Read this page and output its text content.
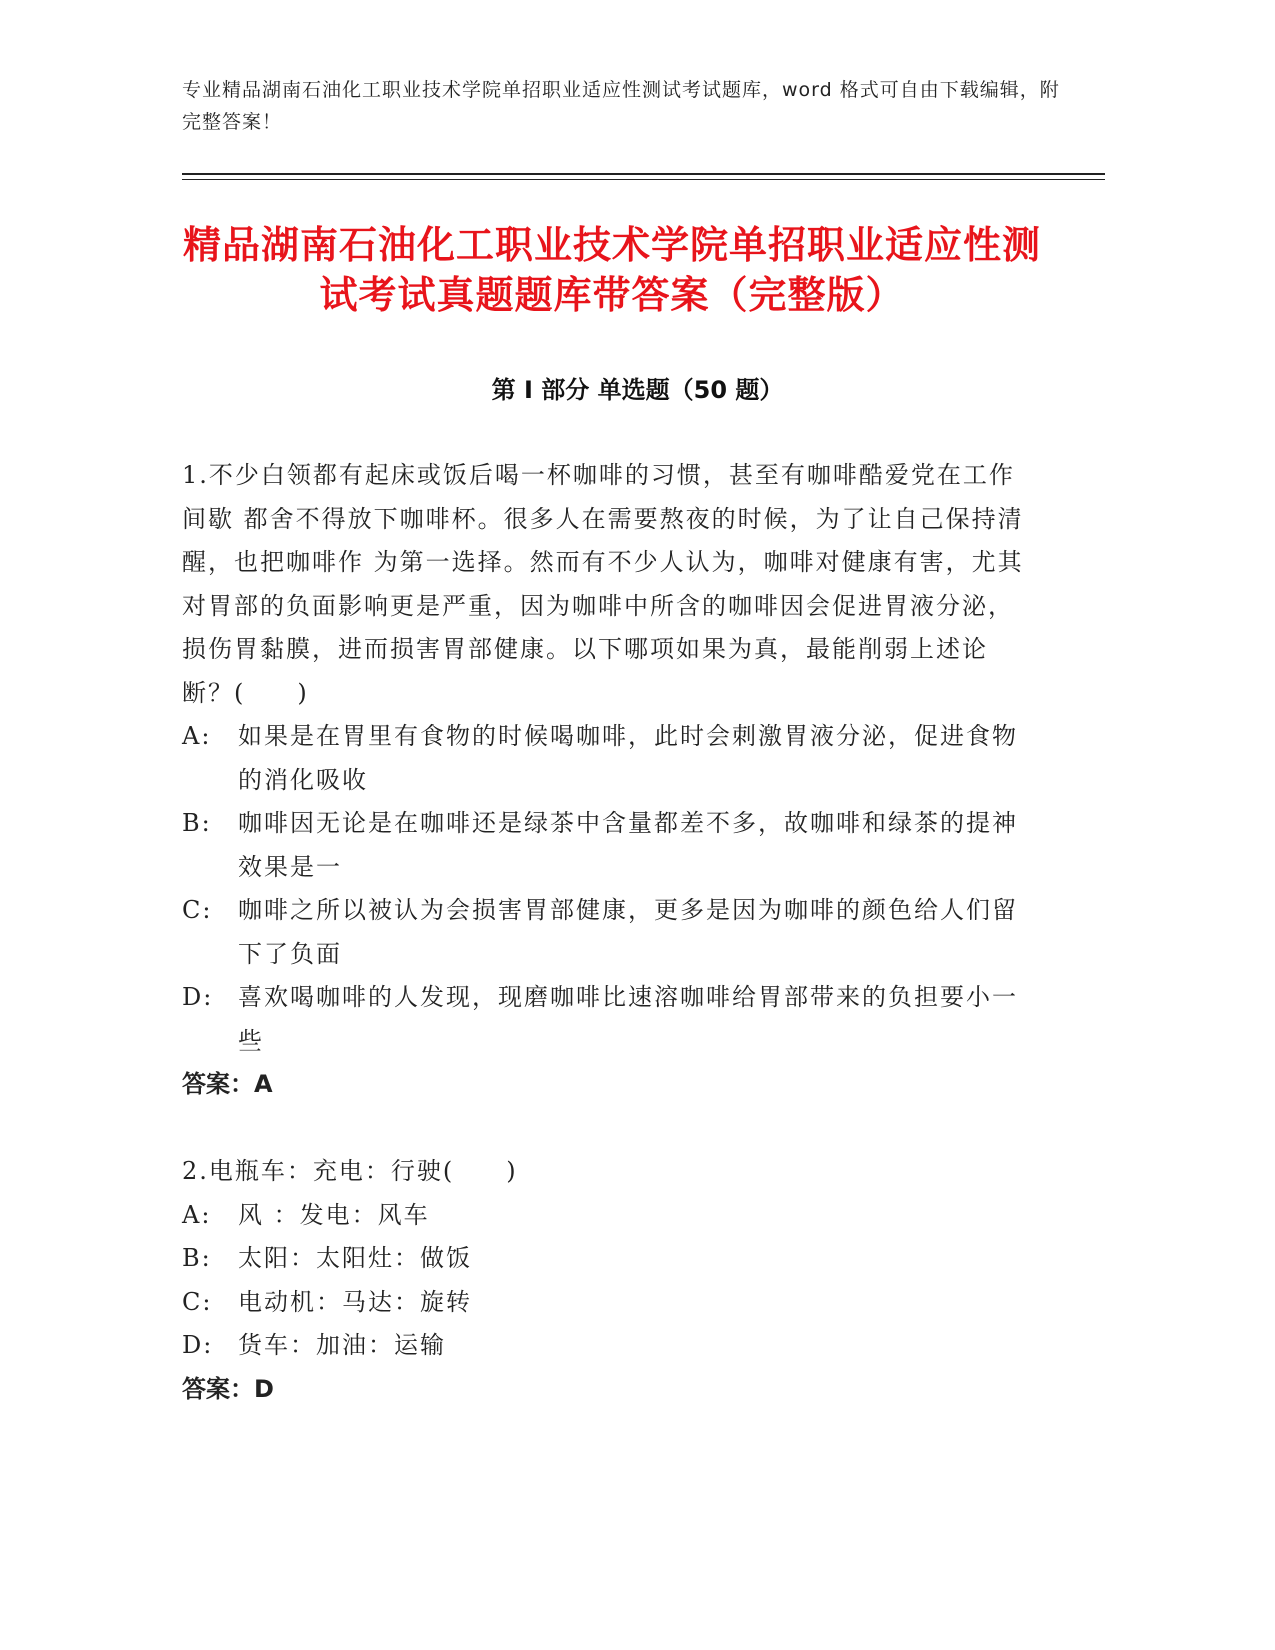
专业精品湖南石油化工职业技术学院单招职业适应性测试考试题库，word 格式可自由下载编辑，附完整答案！
精品湖南石油化工职业技术学院单招职业适应性测试考试真题题库带答案（完整版）
第 I 部分 单选题（50 题）

1.不少白领都有起床或饭后喝一杯咖啡的习惯，甚至有咖啡酷爱党在工作间歇 都舍不得放下咖啡杯。很多人在需要熬夜的时候，为了让自己保持清醒，也把咖啡作 为第一选择。然而有不少人认为，咖啡对健康有害，尤其对胃部的负面影响更是严重，因为咖啡中所含的咖啡因会促进胃液分泌，损伤胃黏膜，进而损害胃部健康。以下哪项如果为真，最能削弱上述论断？(　　)

A:	如果是在胃里有食物的时候喝咖啡，此时会刺激胃液分泌，促进食物的消化吸收
B:	咖啡因无论是在咖啡还是绿茶中含量都差不多，故咖啡和绿茶的提神效果是一
C:	咖啡之所以被认为会损害胃部健康，更多是因为咖啡的颜色给人们留下了负面
D:	喜欢喝咖啡的人发现，现磨咖啡比速溶咖啡给胃部带来的负担要小一些

答案：A

2.电瓶车：充电：行驶(　　)

A:	风 ：发电：风车
B:	太阳：太阳灶：做饭
C:	电动机：马达：旋转
D:	货车：加油：运输

答案：D
